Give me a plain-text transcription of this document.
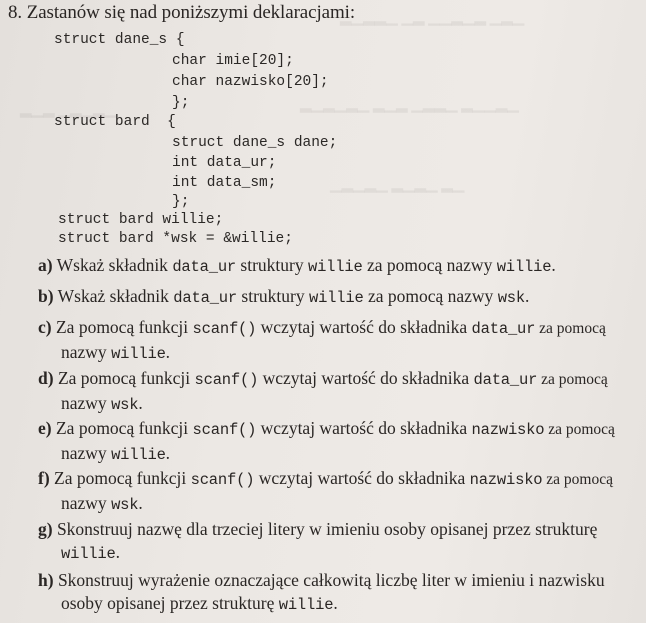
▁▂▁ ▂▁▂▁▁ ▂▁ ▁▂▂▁▂
▁▂▁▁▂ ▁▂▂▁ ▂▁▂ ▁▂▁▂▁▂
▁▂▁▂▁ ▂▁▂
▁▂ ▁▂▁▂ ▁▂▁▂▁
8. Zastanów się nad poniższymi deklaracjami:
struct dane_s {
char imie[20];
char nazwisko[20];
};
struct bard  {
struct dane_s dane;
int data_ur;
int data_sm;
};
struct bard willie;
struct bard *wsk = &willie;
a) Wskaż składnik data_ur struktury willie za pomocą nazwy willie.
b) Wskaż składnik data_ur struktury willie za pomocą nazwy wsk.
c) Za pomocą funkcji scanf() wczytaj wartość do składnika data_ur za pomocą
nazwy willie.
d) Za pomocą funkcji scanf() wczytaj wartość do składnika data_ur za pomocą
nazwy wsk.
e) Za pomocą funkcji scanf() wczytaj wartość do składnika nazwisko za pomocą
nazwy willie.
f) Za pomocą funkcji scanf() wczytaj wartość do składnika nazwisko za pomocą
nazwy wsk.
g) Skonstruuj nazwę dla trzeciej litery w imieniu osoby opisanej przez strukturę
willie.
h) Skonstruuj wyrażenie oznaczające całkowitą liczbę liter w imieniu i nazwisku
osoby opisanej przez strukturę willie.
